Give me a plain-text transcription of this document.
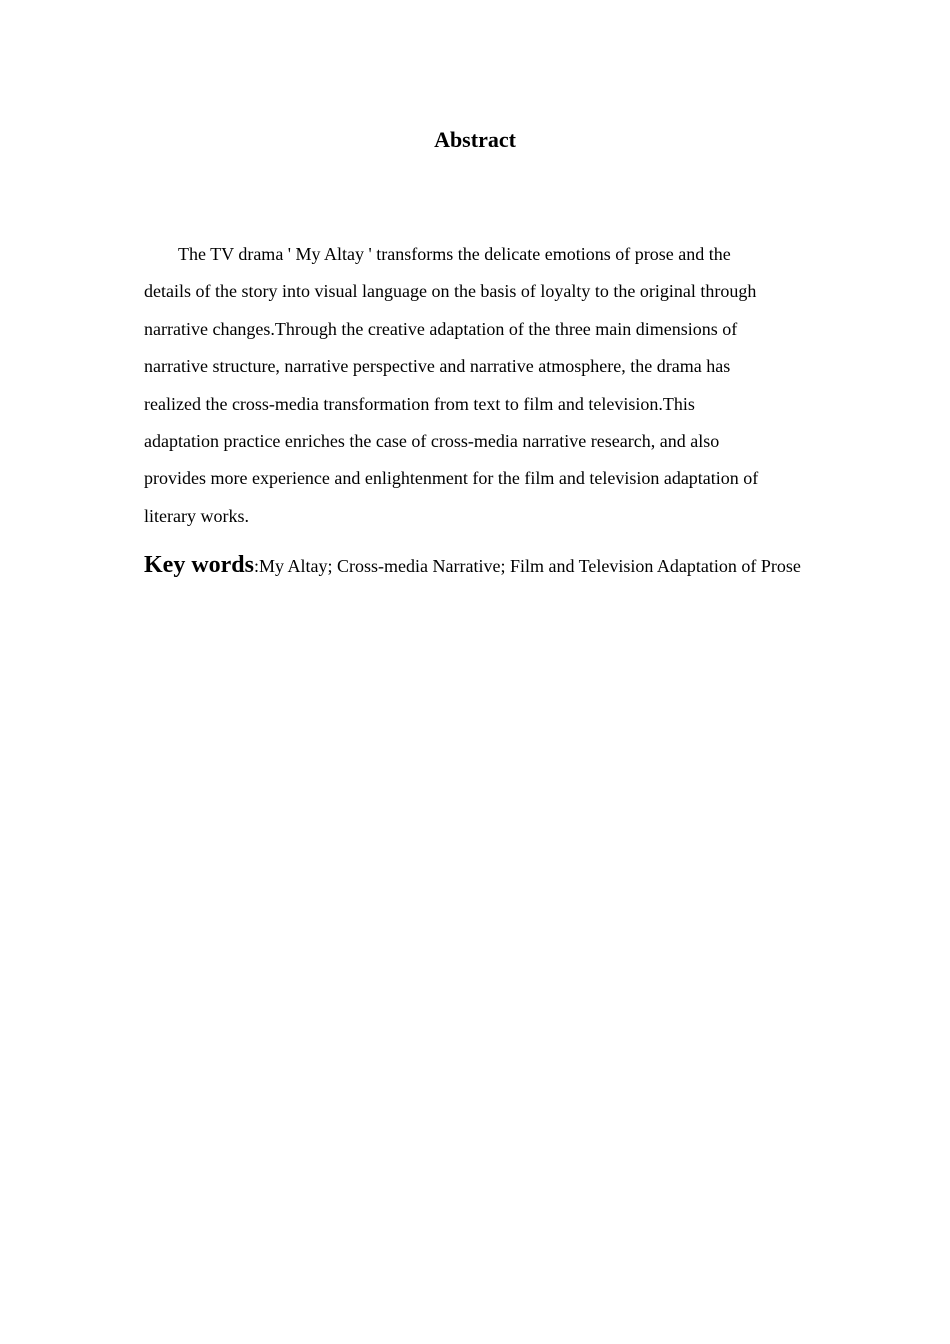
Abstract
The TV drama ' My Altay ' transforms the delicate emotions of prose and the
details of the story into visual language on the basis of loyalty to the original through
narrative changes.Through the creative adaptation of the three main dimensions of
narrative structure, narrative perspective and narrative atmosphere, the drama has
realized the cross-media transformation from text to film and television.This
adaptation practice enriches the case of cross-media narrative research, and also
provides more experience and enlightenment for the film and television adaptation of
literary works.

Key words:My Altay; Cross-media Narrative; Film and Television Adaptation of Prose
